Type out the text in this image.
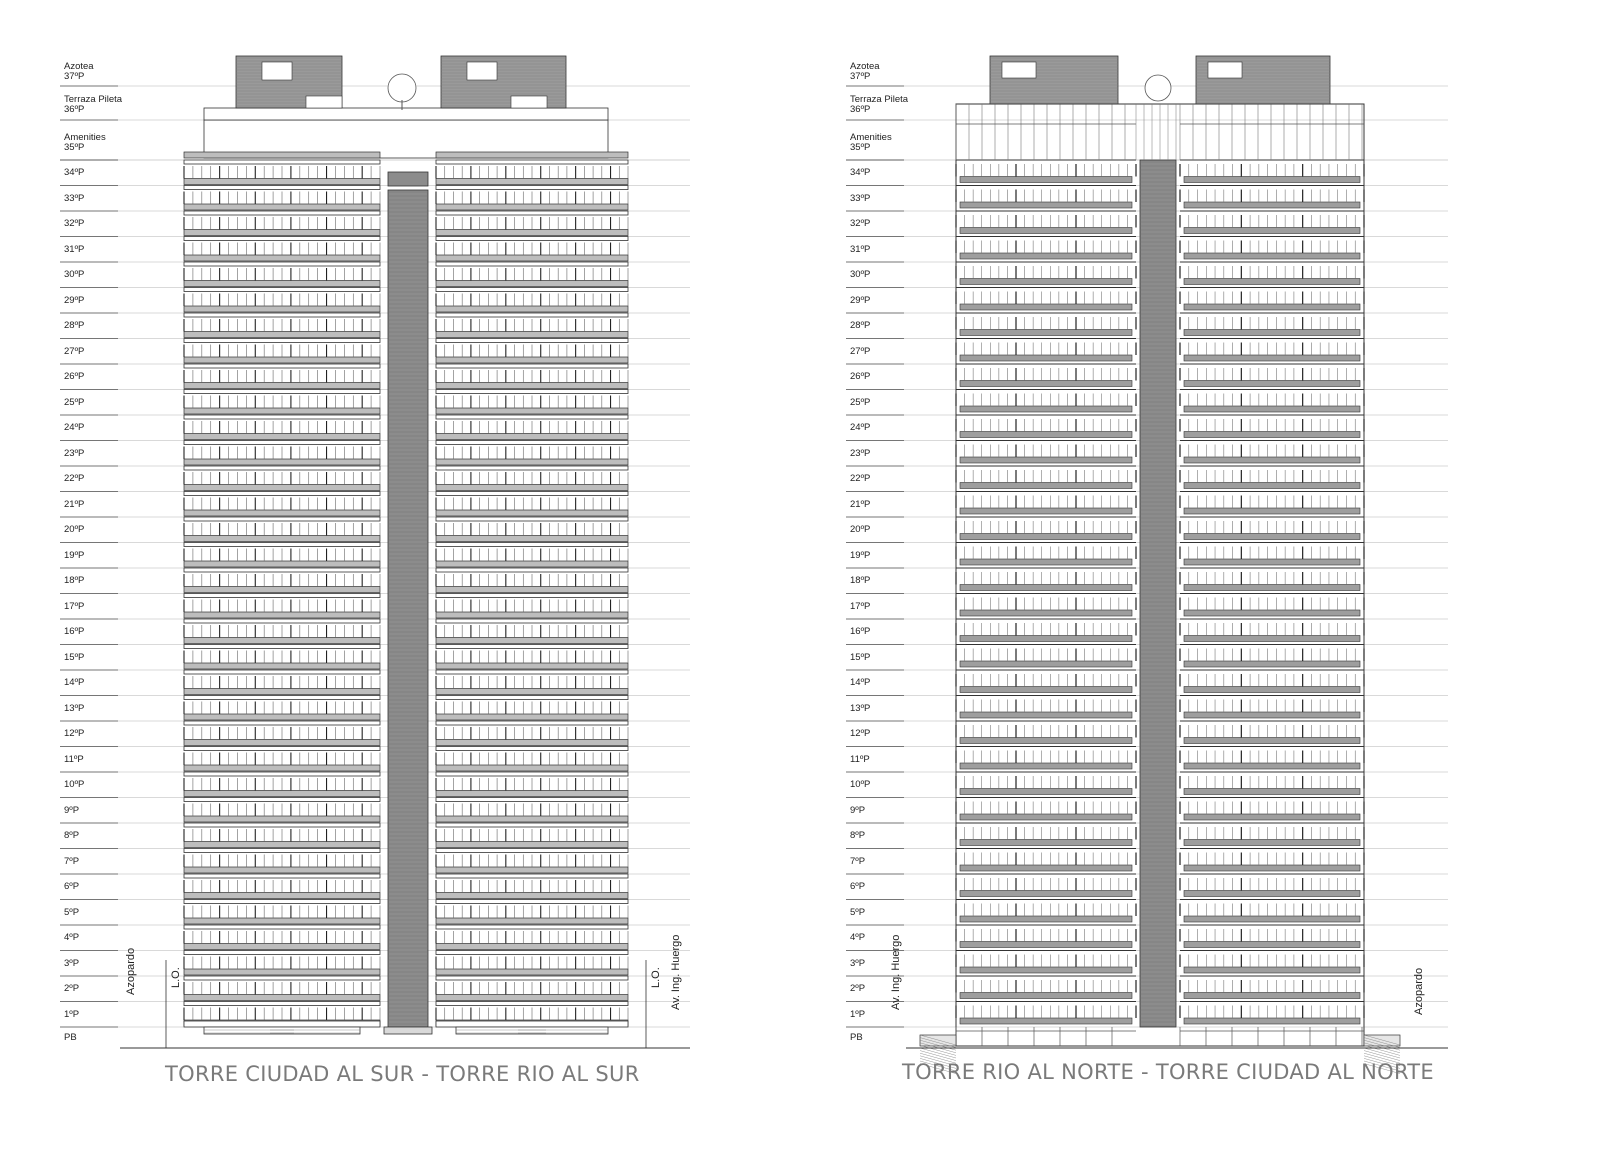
TORRE CIUDAD AL SUR - TORRE RIO AL SUR	TORRE RIO AL NORTE - TORRE CIUDAD AL NORTE
Azopardo	L.O.	Av. Ing. Huergo
L.O.	Av. Ing. Huergo	Azopardo
Azotea
37ºP
Terraza Pileta
36ºP
Amenities
35ºP
34ºP
33ºP
32ºP
31ºP
30ºP
29ºP
28ºP
27ºP
26ºP
25ºP
24ºP
23ºP
22ºP
21ºP
20ºP
19ºP
18ºP
17ºP
16ºP
15ºP
14ºP
13ºP
12ºP
11ºP
10ºP
9ºP
8ºP
7ºP
6ºP
5ºP
4ºP
3ºP
2ºP
1ºP
PB
Azotea
37ºP
Terraza Pileta
36ºP
Amenities
35ºP
34ºP
33ºP
32ºP
31ºP
30ºP
29ºP
28ºP
27ºP
26ºP
25ºP
24ºP
23ºP
22ºP
21ºP
20ºP
19ºP
18ºP
17ºP
16ºP
15ºP
14ºP
13ºP
12ºP
11ºP
10ºP
9ºP
8ºP
7ºP
6ºP
5ºP
4ºP
3ºP
2ºP
1ºP
PB
